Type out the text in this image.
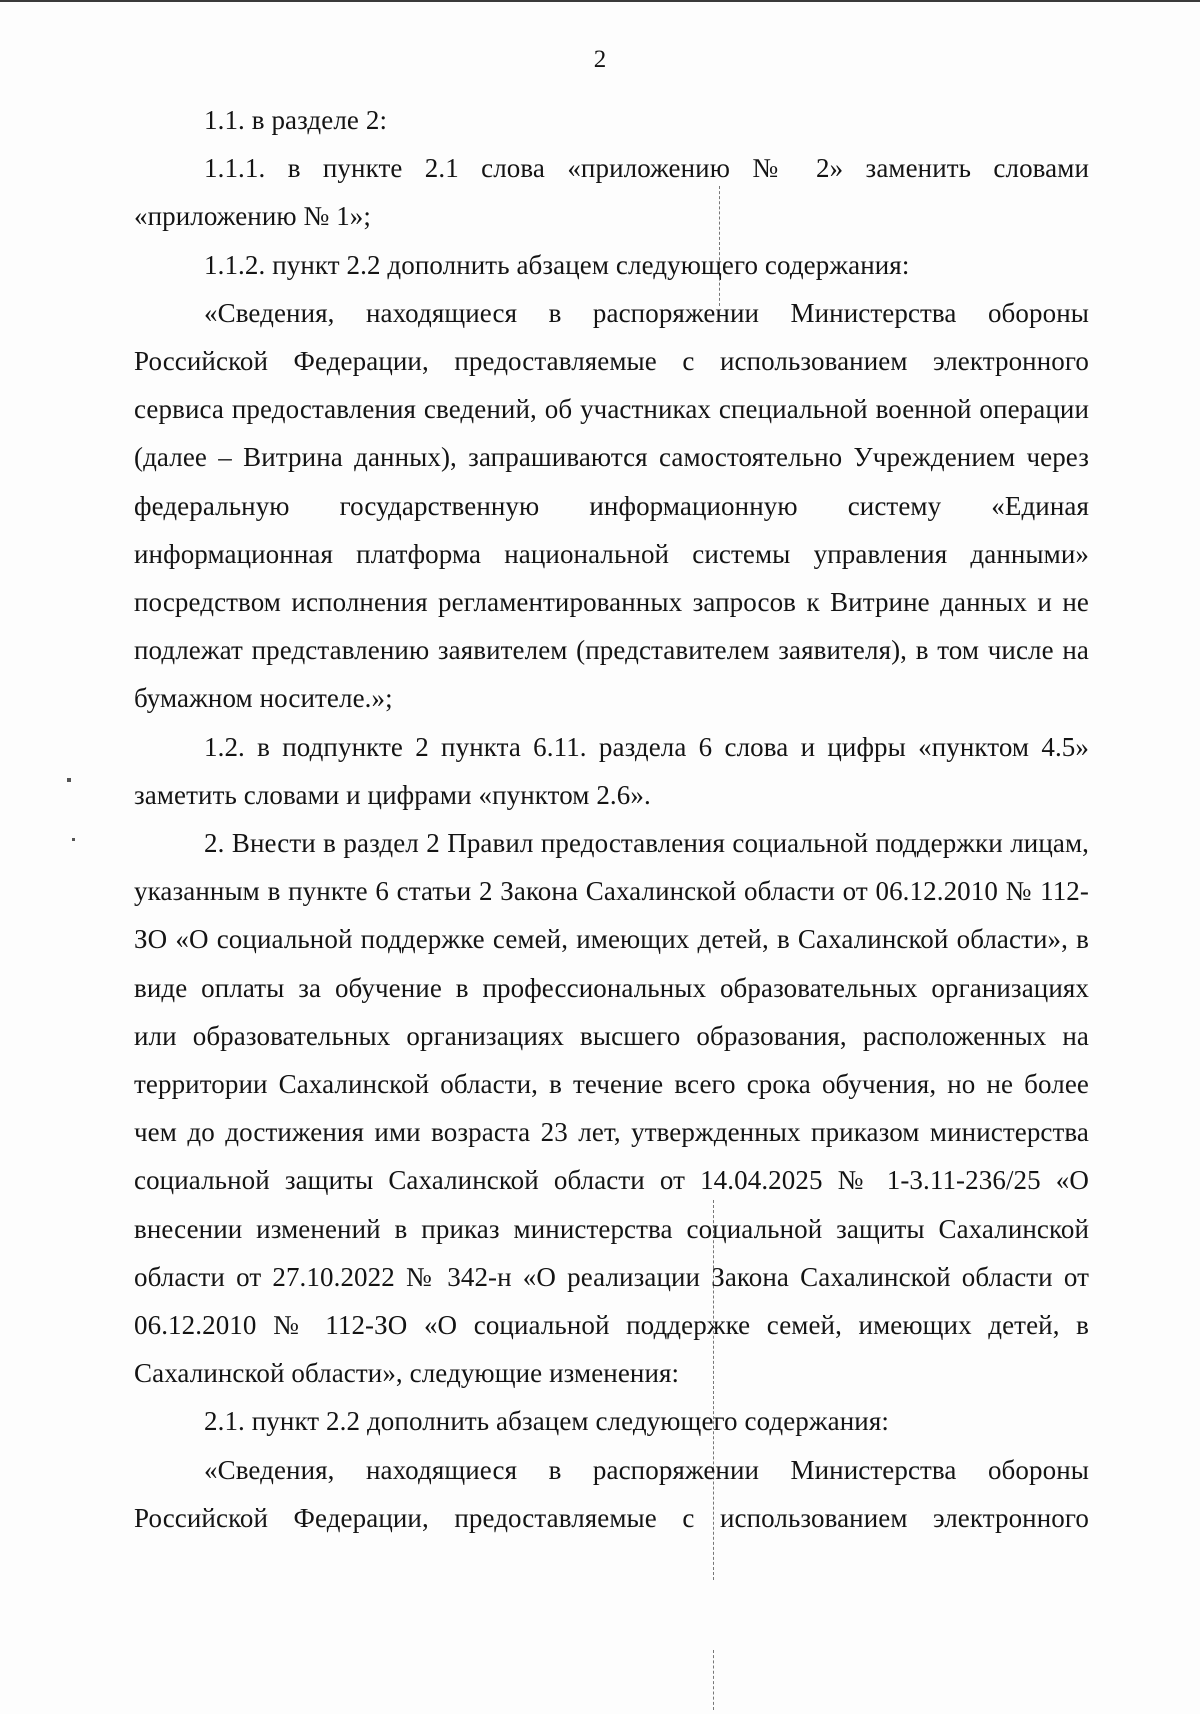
2

1.1. в разделе 2:

1.1.1. в пункте 2.1 слова «приложению № 2» заменить словами «приложению № 1»;

1.1.2. пункт 2.2 дополнить абзацем следующего содержания:

«Сведения, находящиеся в распоряжении Министерства обороны Российской Федерации, предоставляемые с использованием электронного сервиса предоставления сведений, об участниках специальной военной операции (далее – Витрина данных), запрашиваются самостоятельно Учреждением через федеральную государственную информационную систему «Единая информационная платформа национальной системы управления данными» посредством исполнения регламентированных запросов к Витрине данных и не подлежат представлению заявителем (представителем заявителя), в том числе на бумажном носителе.»;

1.2. в подпункте 2 пункта 6.11. раздела 6 слова и цифры «пунктом 4.5» заметить словами и цифрами «пунктом 2.6».

2. Внести в раздел 2 Правил предоставления социальной поддержки лицам, указанным в пункте 6 статьи 2 Закона Сахалинской области от 06.12.2010 № 112-ЗО «О социальной поддержке семей, имеющих детей, в Сахалинской области», в виде оплаты за обучение в профессиональных образовательных организациях или образовательных организациях высшего образования, расположенных на территории Сахалинской области, в течение всего срока обучения, но не более чем до достижения ими возраста 23 лет, утвержденных приказом министерства социальной защиты Сахалинской области от 14.04.2025 № 1-3.11-236/25 «О внесении изменений в приказ министерства социальной защиты Сахалинской области от 27.10.2022 № 342-н «О реализации Закона Сахалинской области от 06.12.2010 № 112-ЗО «О социальной поддержке семей, имеющих детей, в Сахалинской области», следующие изменения:

2.1. пункт 2.2 дополнить абзацем следующего содержания:

«Сведения, находящиеся в распоряжении Министерства обороны Российской Федерации, предоставляемые с использованием электронного
